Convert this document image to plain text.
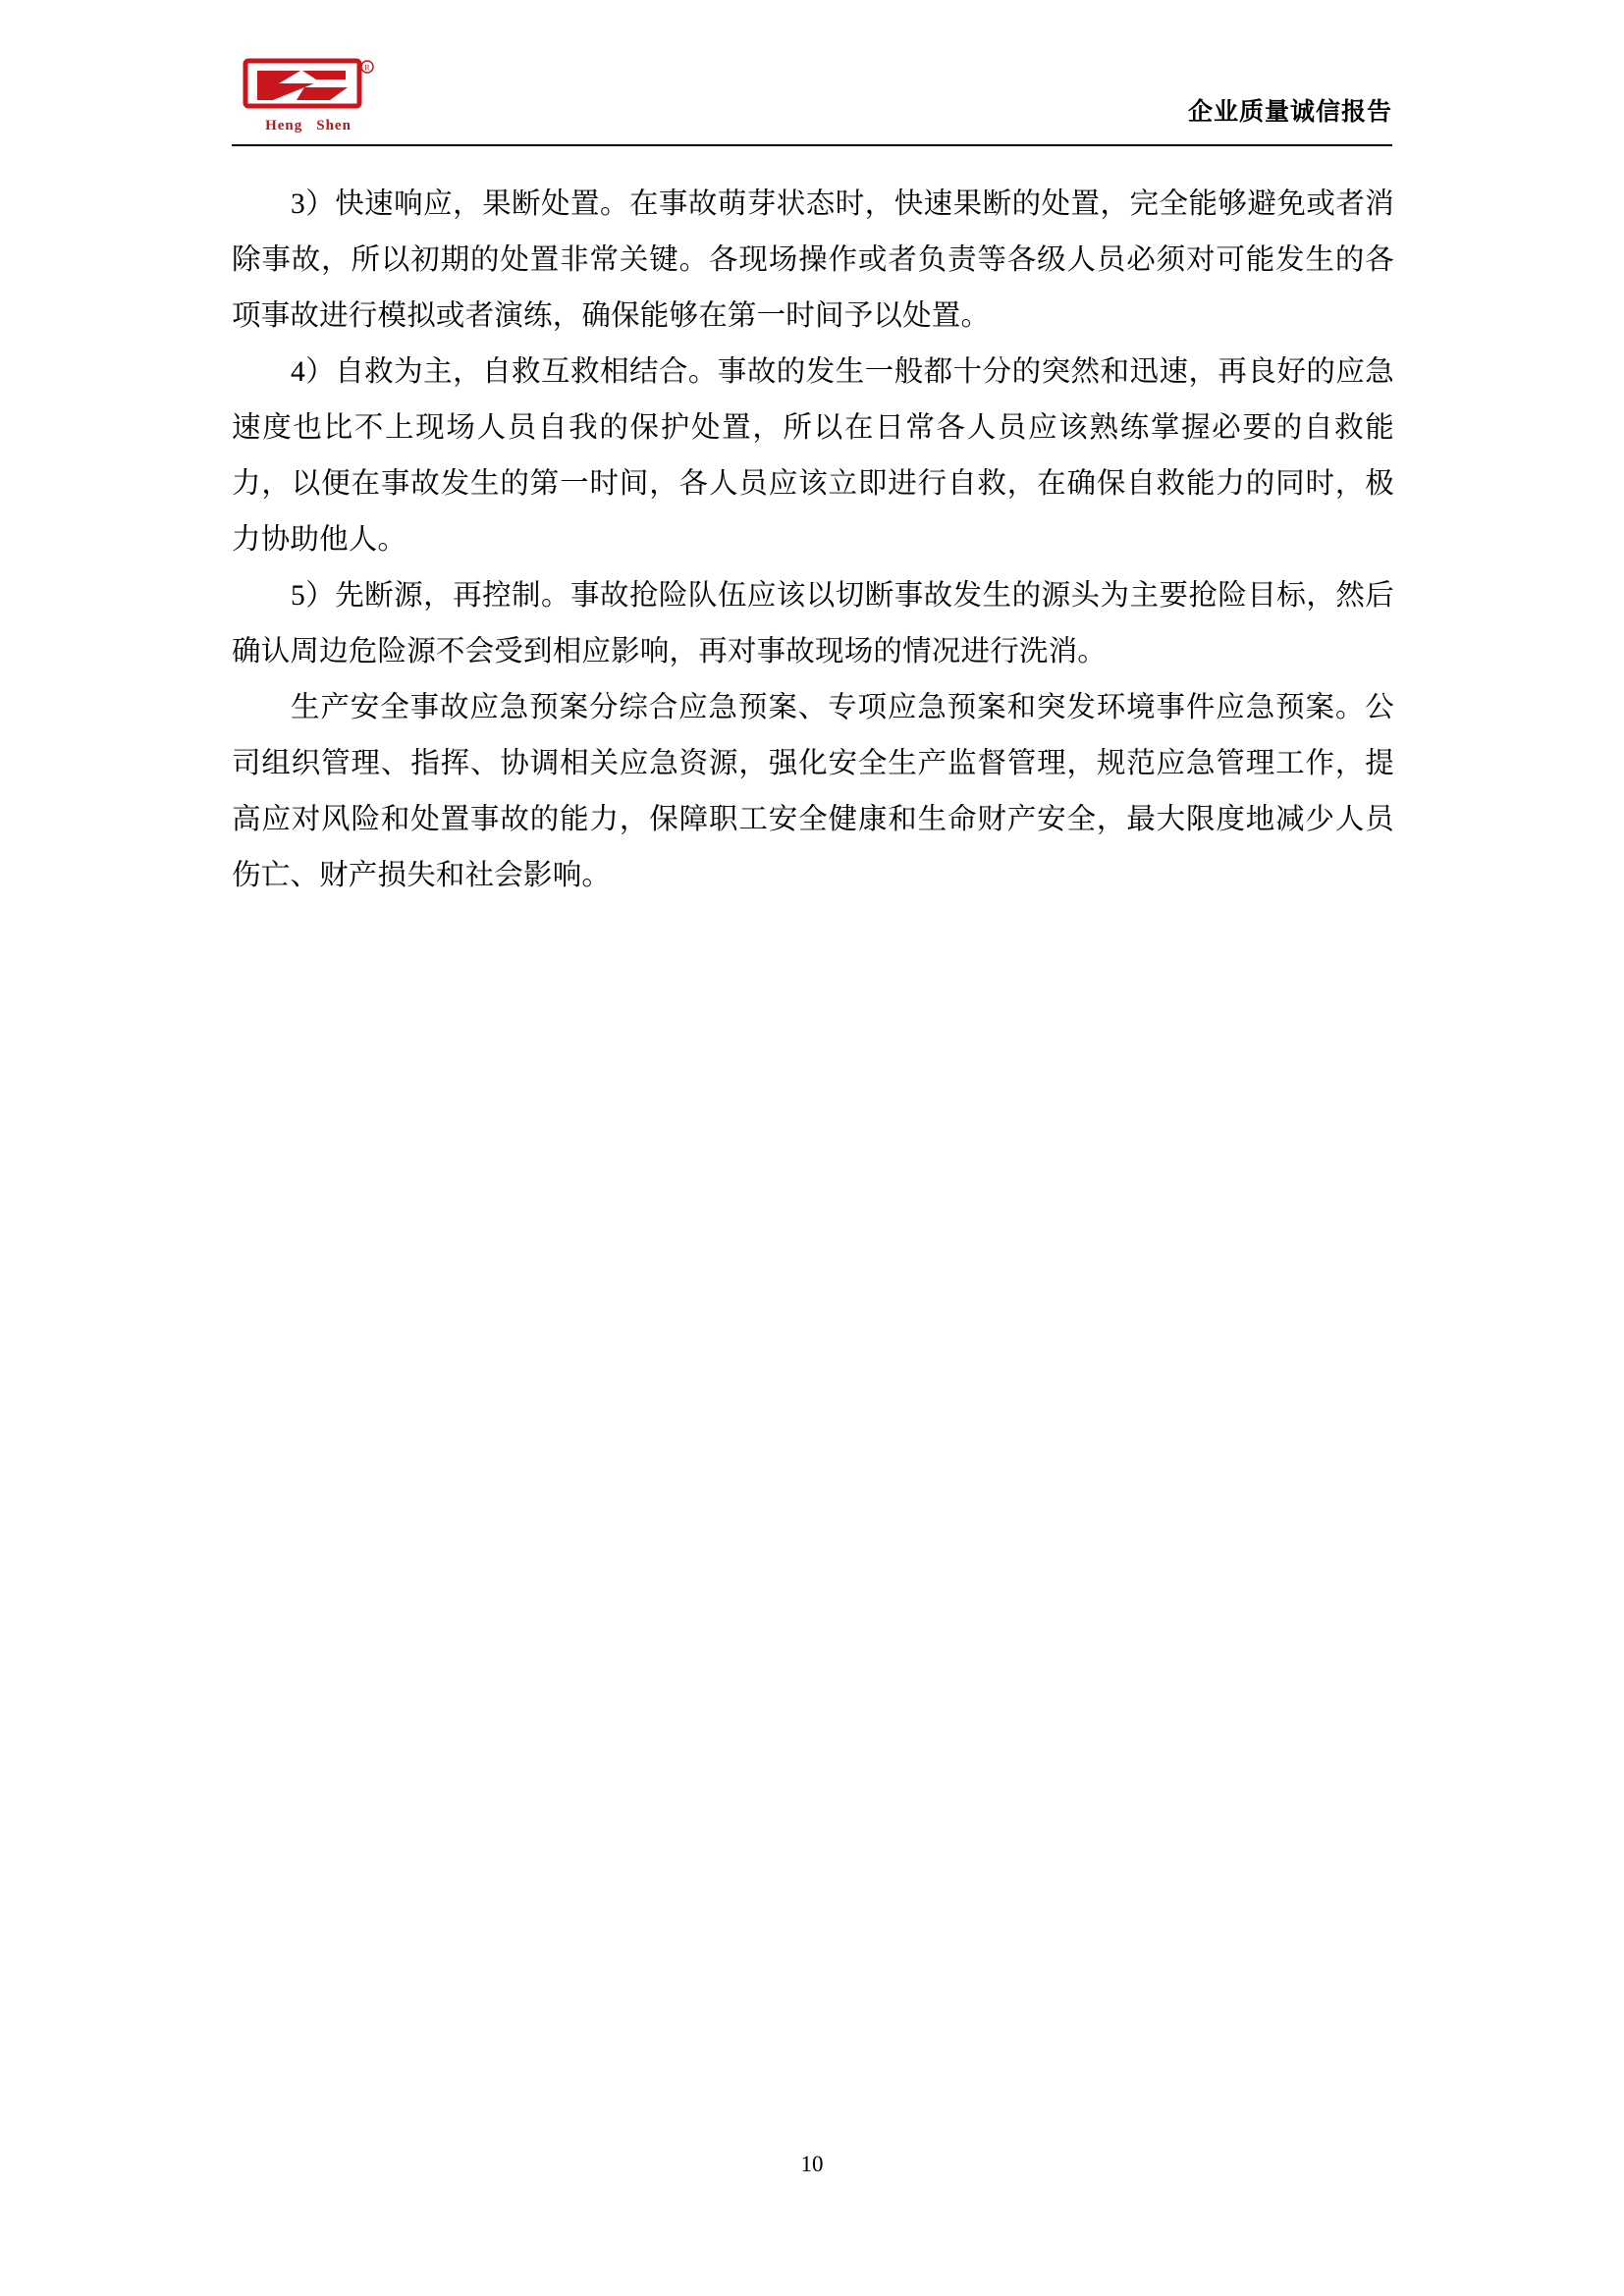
R
Heng Shen	企业质量诚信报告

3）快速响应，果断处置。在事故萌芽状态时，快速果断的处置，完全能够避免或者消除事故，所以初期的处置非常关键。各现场操作或者负责等各级人员必须对可能发生的各项事故进行模拟或者演练，确保能够在第一时间予以处置。

4）自救为主，自救互救相结合。事故的发生一般都十分的突然和迅速，再良好的应急速度也比不上现场人员自我的保护处置，所以在日常各人员应该熟练掌握必要的自救能力，以便在事故发生的第一时间，各人员应该立即进行自救，在确保自救能力的同时，极力协助他人。

5）先断源，再控制。事故抢险队伍应该以切断事故发生的源头为主要抢险目标，然后确认周边危险源不会受到相应影响，再对事故现场的情况进行洗消。

生产安全事故应急预案分综合应急预案、专项应急预案和突发环境事件应急预案。公司组织管理、指挥、协调相关应急资源，强化安全生产监督管理，规范应急管理工作，提高应对风险和处置事故的能力，保障职工安全健康和生命财产安全，最大限度地减少人员伤亡、财产损失和社会影响。

10
